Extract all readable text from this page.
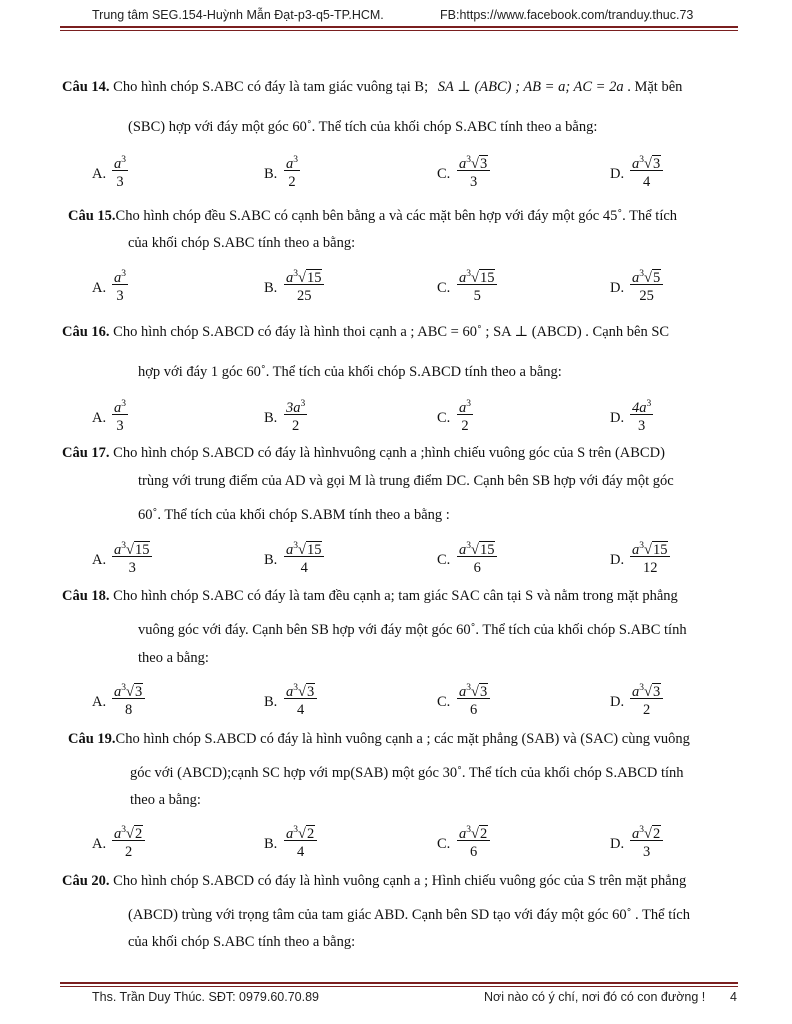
Trung tâm SEG.154-Huỳnh Mẫn Đạt-p3-q5-TP.HCM.	FB:https://www.facebook.com/tranduy.thuc.73
Câu 14. Cho hình chóp S.ABC có đáy là tam giác vuông tại B; SA ⊥ (ABC) ; AB = a; AC = 2a . Mặt bên
(SBC) hợp với đáy một góc 60˚. Thể tích của khối chóp S.ABC tính theo a bằng:
A.
$a^3$
3	B.
$a^3$
2	C.
$a^3√3$
3	D.
$a^3√3$
4
Câu 15.Cho hình chóp đều S.ABC có cạnh bên bằng a và các mặt bên hợp với đáy một góc 45˚. Thể tích
của khối chóp S.ABC tính theo a bằng:
A.
$a^3$
3	B.
$a^3√15$
25	C.
$a^3√15$
5	D.
$a^3√5$
25
Câu 16. Cho hình chóp S.ABCD có đáy là hình thoi cạnh a ; ABC = 60˚ ; SA ⊥ (ABCD) . Cạnh bên SC
hợp với đáy 1 góc 60˚. Thể tích của khối chóp S.ABCD tính theo a bằng:
A.
$a^3$
3	B.
$3a^3$
2	C.
$a^3$
2	D.
$4a^3$
3
Câu 17. Cho hình chóp S.ABCD có đáy là hìnhvuông cạnh a ;hình chiếu vuông góc của S trên (ABCD)
trùng với trung điểm của AD và gọi M là trung điểm DC. Cạnh bên SB hợp với đáy một góc
60˚. Thể tích của khối chóp S.ABM tính theo a bằng :
A.
$a^3√15$
3	B.
$a^3√15$
4	C.
$a^3√15$
6	D.
$a^3√15$
12
Câu 18. Cho hình chóp S.ABC có đáy là tam đều cạnh a; tam giác SAC cân tại S và nằm trong mặt phẳng
vuông góc với đáy. Cạnh bên SB hợp với đáy một góc 60˚. Thể tích của khối chóp S.ABC tính
theo a bằng:
A.
$a^3√3$
8	B.
$a^3√3$
4	C.
$a^3√3$
6	D.
$a^3√3$
2
Câu 19.Cho hình chóp S.ABCD có đáy là hình vuông cạnh a ; các mặt phẳng (SAB) và (SAC) cùng vuông
góc với (ABCD);cạnh SC hợp với mp(SAB) một góc 30˚. Thể tích của khối chóp S.ABCD tính
theo a bằng:
A.
$a^3√2$
2	B.
$a^3√2$
4	C.
$a^3√2$
6	D.
$a^3√2$
3
Câu 20. Cho hình chóp S.ABCD có đáy là hình vuông cạnh a ; Hình chiếu vuông góc của S trên mặt phẳng
(ABCD) trùng với trọng tâm của tam giác ABD. Cạnh bên SD tạo với đáy một góc 60˚ . Thể tích
của khối chóp S.ABC tính theo a bằng:
Ths. Trần Duy Thúc. SĐT: 0979.60.70.89	Nơi nào có ý chí, nơi đó có con đường ! 4
